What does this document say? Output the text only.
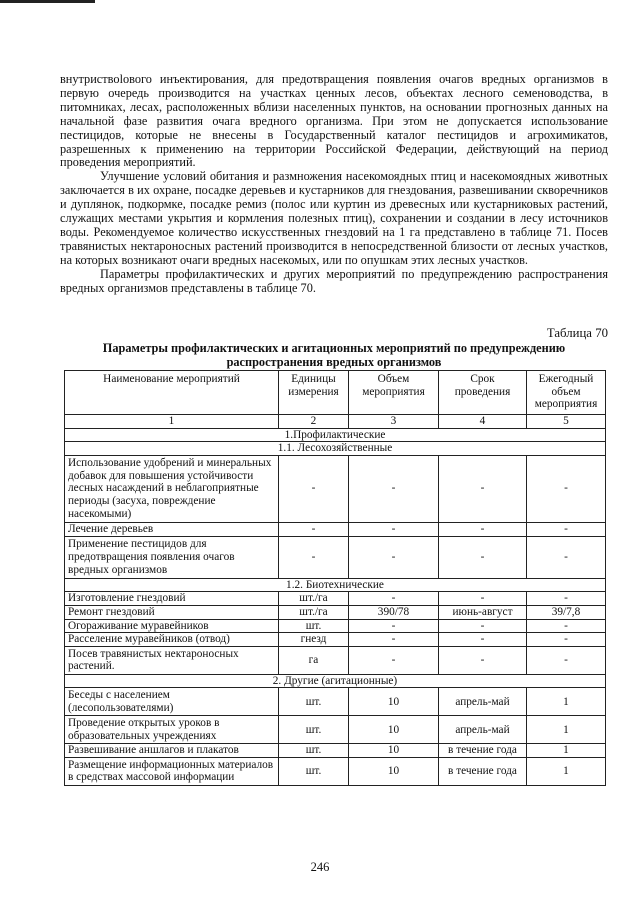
внутриствolового инъектирования, для предотвращения появления очагов вредных организмов в первую очередь производится на участках ценных лесов, объектах лесного семеноводства, в питомниках, лесах, расположенных вблизи населенных пунктов, на основании прогнозных данных на начальной фазе развития очага вредного организма. При этом не допускается использование пестицидов, которые не внесены в Государственный каталог пестицидов и агрохимикатов, разрешенных к применению на территории Российской Федерации, действующий на период проведения мероприятий.

Улучшение условий обитания и размножения насекомоядных птиц и насекомоядных животных заключается в их охране, посадке деревьев и кустарников для гнездования, развешивании скворечников и дуплянок, подкормке, посадке ремиз (полос или куртин из древесных или кустарниковых растений, служащих местами укрытия и кормления полезных птиц), сохранении и создании в лесу источников воды. Рекомендуемое количество искусственных гнездовий на 1 га представлено в таблице 71. Посев травянистых нектароносных растений производится в непосредственной близости от лесных участков, на которых возникают очаги вредных насекомых, или по опушкам этих лесных участков.

Параметры профилактических и других мероприятий по предупреждению распространения вредных организмов представлены в таблице 70.

Таблица 70
Параметры профилактических и агитационных мероприятий по предупреждению распространения вредных организмов
Наименование мероприятий	Единицы измерения	Объем мероприятия	Срок проведения	Ежегодный объем мероприятия
1	2	3	4	5
1.Профилактические				
1.1. Лесохозяйственные				
Использование удобрений и минеральных добавок для повышения устойчивости лесных насаждений в неблагоприятные периоды (засуха, повреждение насекомыми)	-	-	-	-
Лечение деревьев	-	-	-	-
Применение пестицидов для предотвращения появления очагов вредных организмов	-	-	-	-
1.2. Биотехнические				
Изготовление гнездовий	шт./га	-	-	-
Ремонт гнездовий	шт./га	390/78	июнь-август	39/7,8
Огораживание муравейников	шт.	-	-	-
Расселение муравейников (отвод)	гнезд	-	-	-
Посев травянистых нектароносных растений.	га	-	-	-
2. Другие (агитационные)				
Беседы с населением (лесопользователями)	шт.	10	апрель-май	1
Проведение открытых уроков в образовательных учреждениях	шт.	10	апрель-май	1
Развешивание аншлагов и плакатов	шт.	10	в течение года	1
Размещение информационных материалов в средствах массовой информации	шт.	10	в течение года	1
246
